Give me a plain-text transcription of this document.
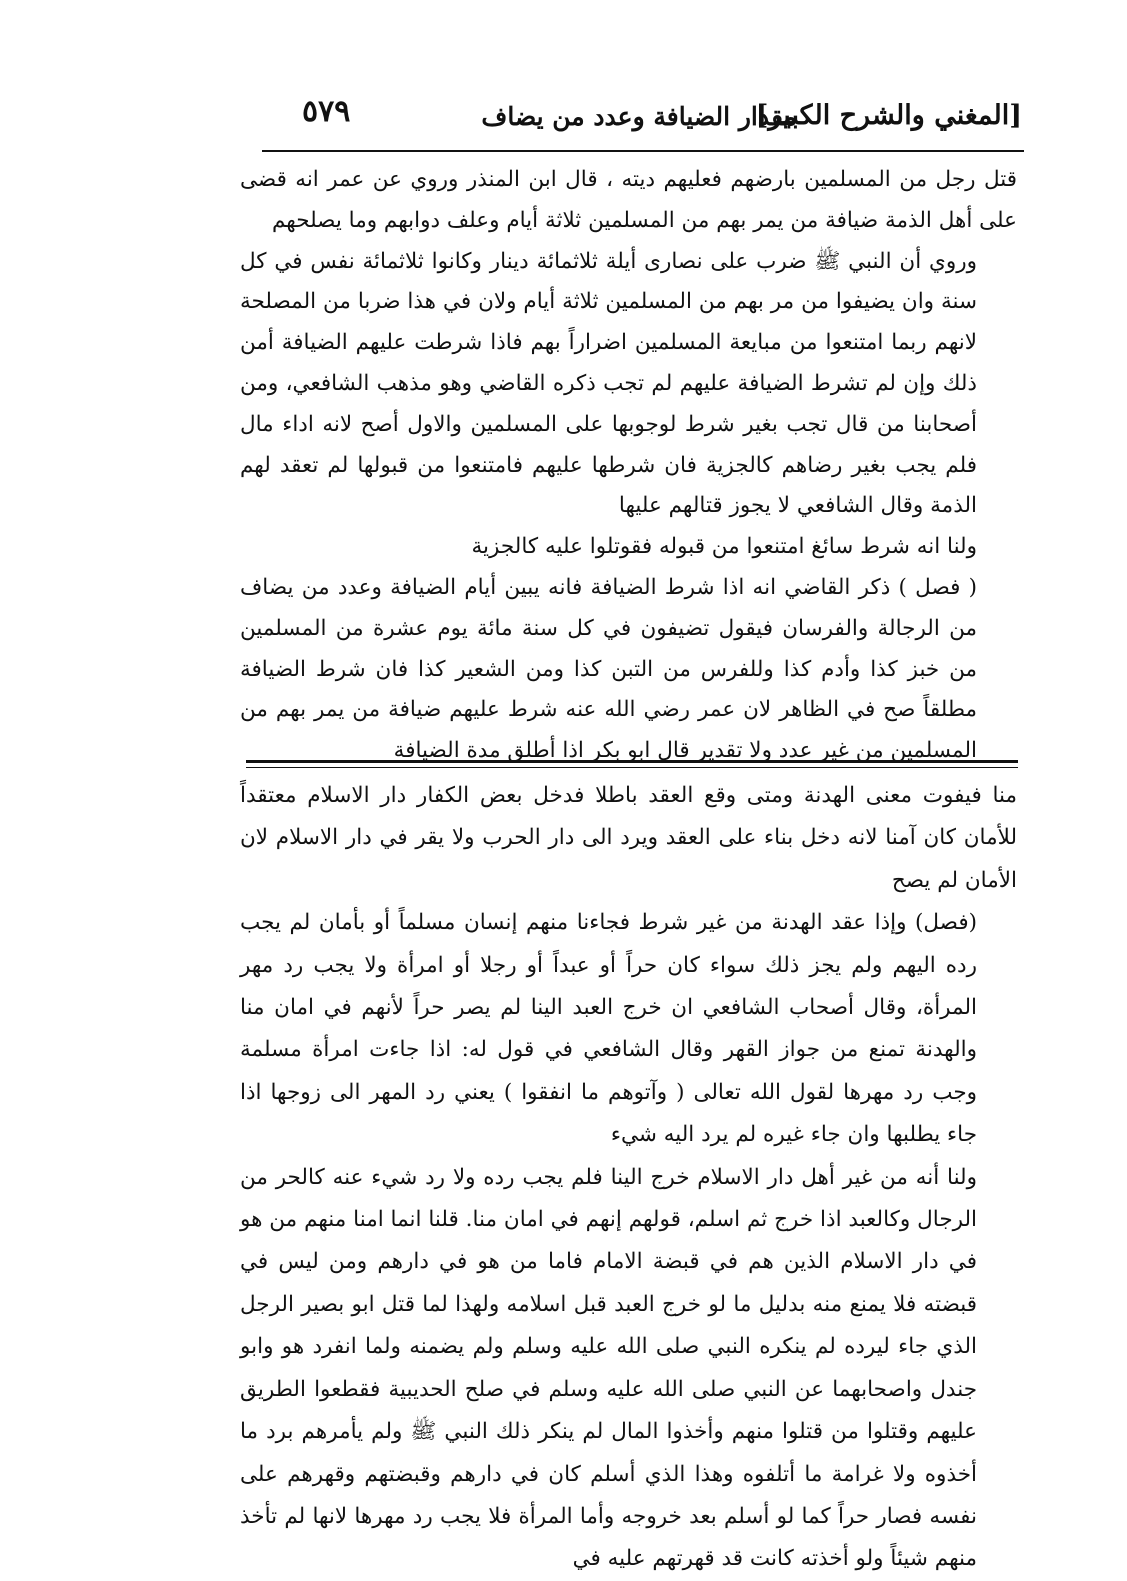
[المغني والشرح الكبير]
مقدار الضيافة وعدد من يضاف
٥٧٩

قتل رجل من المسلمين بارضهم فعليهم ديته ، قال ابن المنذر وروي عن عمر انه قضى على أهل الذمة ضيافة من يمر بهم من المسلمين ثلاثة أيام وعلف دوابهم وما يصلحهم

وروي أن النبي ﷺ ضرب على نصارى أيلة ثلاثمائة دينار وكانوا ثلاثمائة نفس في كل سنة وان يضيفوا من مر بهم من المسلمين ثلاثة أيام ولان في هذا ضربا من المصلحة لانهم ربما امتنعوا من مبايعة المسلمين اضراراً بهم فاذا شرطت عليهم الضيافة أمن ذلك وإن لم تشرط الضيافة عليهم لم تجب ذكره القاضي وهو مذهب الشافعي، ومن أصحابنا من قال تجب بغير شرط لوجوبها على المسلمين والاول أصح لانه اداء مال فلم يجب بغير رضاهم كالجزية فان شرطها عليهم فامتنعوا من قبولها لم تعقد لهم الذمة وقال الشافعي لا يجوز قتالهم عليها

ولنا انه شرط سائغ امتنعوا من قبوله فقوتلوا عليه كالجزية

( فصل ) ذكر القاضي انه اذا شرط الضيافة فانه يبين أيام الضيافة وعدد من يضاف من الرجالة والفرسان فيقول تضيفون في كل سنة مائة يوم عشرة من المسلمين من خبز كذا وأدم كذا وللفرس من التبن كذا ومن الشعير كذا فان شرط الضيافة مطلقاً صح في الظاهر لان عمر رضي الله عنه شرط عليهم ضيافة من يمر بهم من المسلمين من غير عدد ولا تقدير قال ابو بكر اذا أطلق مدة الضيافة

منا فيفوت معنى الهدنة ومتى وقع العقد باطلا فدخل بعض الكفار دار الاسلام معتقداً للأمان كان آمنا لانه دخل بناء على العقد ويرد الى دار الحرب ولا يقر في دار الاسلام لان الأمان لم يصح

(فصل) وإذا عقد الهدنة من غير شرط فجاءنا منهم إنسان مسلماً أو بأمان لم يجب رده اليهم ولم يجز ذلك سواء كان حراً أو عبداً أو رجلا أو امرأة ولا يجب رد مهر المرأة، وقال أصحاب الشافعي ان خرج العبد الينا لم يصر حراً لأنهم في امان منا والهدنة تمنع من جواز القهر وقال الشافعي في قول له: اذا جاءت امرأة مسلمة وجب رد مهرها لقول الله تعالى ( وآتوهم ما انفقوا ) يعني رد المهر الى زوجها اذا جاء يطلبها وان جاء غيره لم يرد اليه شيء

ولنا أنه من غير أهل دار الاسلام خرج الينا فلم يجب رده ولا رد شيء عنه كالحر من الرجال وكالعبد اذا خرج ثم اسلم، قولهم إنهم في امان منا. قلنا انما امنا منهم من هو في دار الاسلام الذين هم في قبضة الامام فاما من هو في دارهم ومن ليس في قبضته فلا يمنع منه بدليل ما لو خرج العبد قبل اسلامه ولهذا لما قتل ابو بصير الرجل الذي جاء ليرده لم ينكره النبي صلى الله عليه وسلم ولم يضمنه ولما انفرد هو وابو جندل واصحابهما عن النبي صلى الله عليه وسلم في صلح الحديبية فقطعوا الطريق عليهم وقتلوا من قتلوا منهم وأخذوا المال لم ينكر ذلك النبي ﷺ ولم يأمرهم برد ما أخذوه ولا غرامة ما أتلفوه وهذا الذي أسلم كان في دارهم وقبضتهم وقهرهم على نفسه فصار حراً كما لو أسلم بعد خروجه وأما المرأة فلا يجب رد مهرها لانها لم تأخذ منهم شيئاً ولو أخذته كانت قد قهرتهم عليه في
